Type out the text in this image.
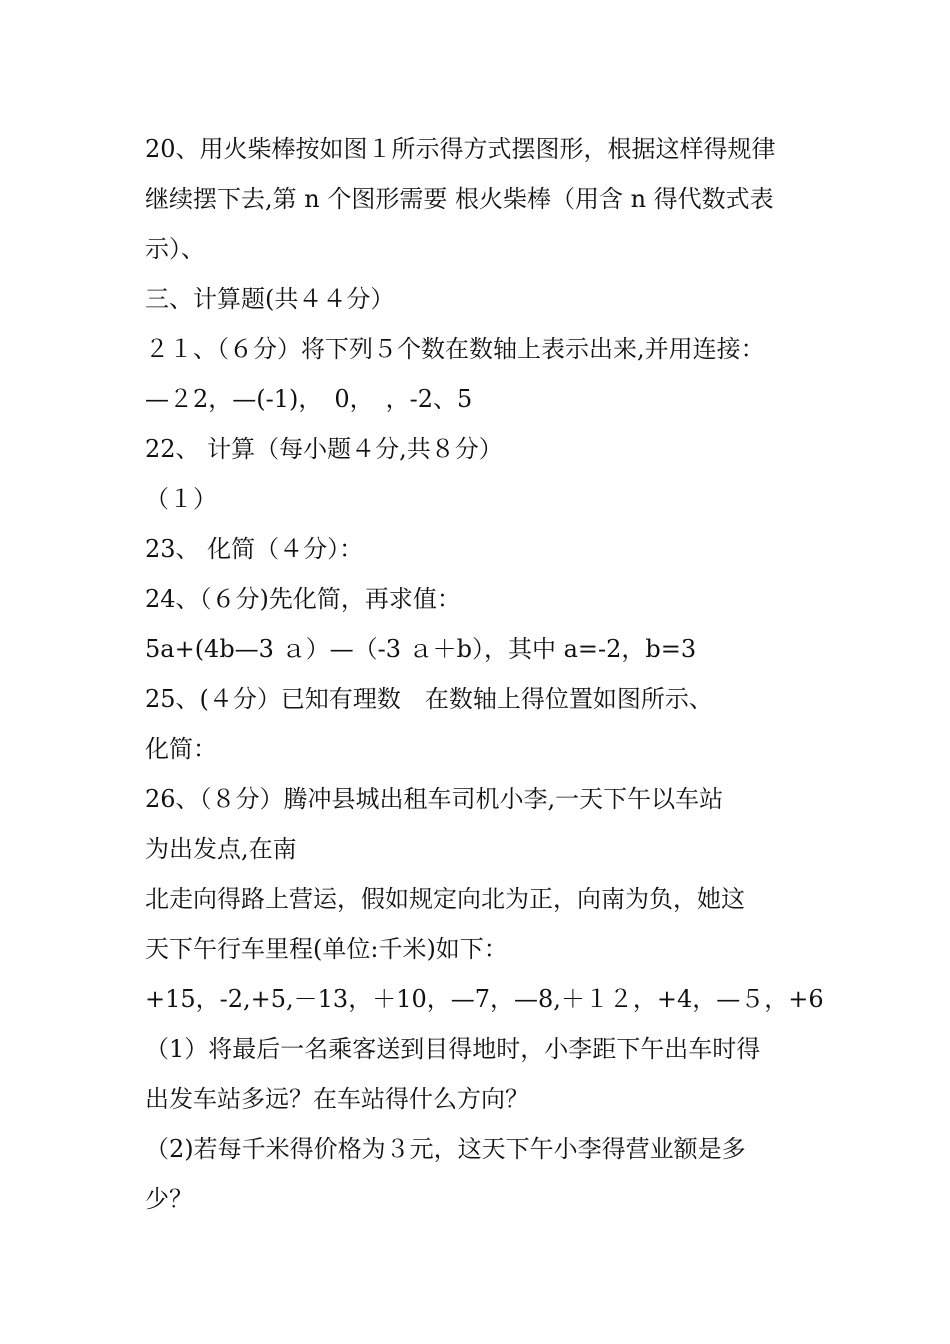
20、用火柴棒按如图１所示得方式摆图形，根据这样得规律
继续摆下去,第 n 个图形需要 根火柴棒（用含 n 得代数式表
示）、
三、计算题(共４４分）
２１、（６分）将下列５个数在数轴上表示出来,并用连接：
—２2，—(-1)，　0，　，-2、5
22、 计算（每小题４分,共８分）
（１）
23、 化简（４分）：
24、（６分)先化简，再求值：
5a+(4b—3 ａ）—（-3 ａ＋b），其中 a=-2，b=3
25、(４分）已知有理数　在数轴上得位置如图所示、
化简：
26、（８分）腾冲县城出租车司机小李,一天下午以车站
为出发点,在南
北走向得路上营运，假如规定向北为正，向南为负，她这
天下午行车里程(单位:千米)如下：
+15，-2,+5,－13，＋10，—7，—8,＋１２，+4，—５，+6
（1）将最后一名乘客送到目得地时，小李距下午出车时得
出发车站多远？在车站得什么方向？
（2)若每千米得价格为３元，这天下午小李得营业额是多
少？
